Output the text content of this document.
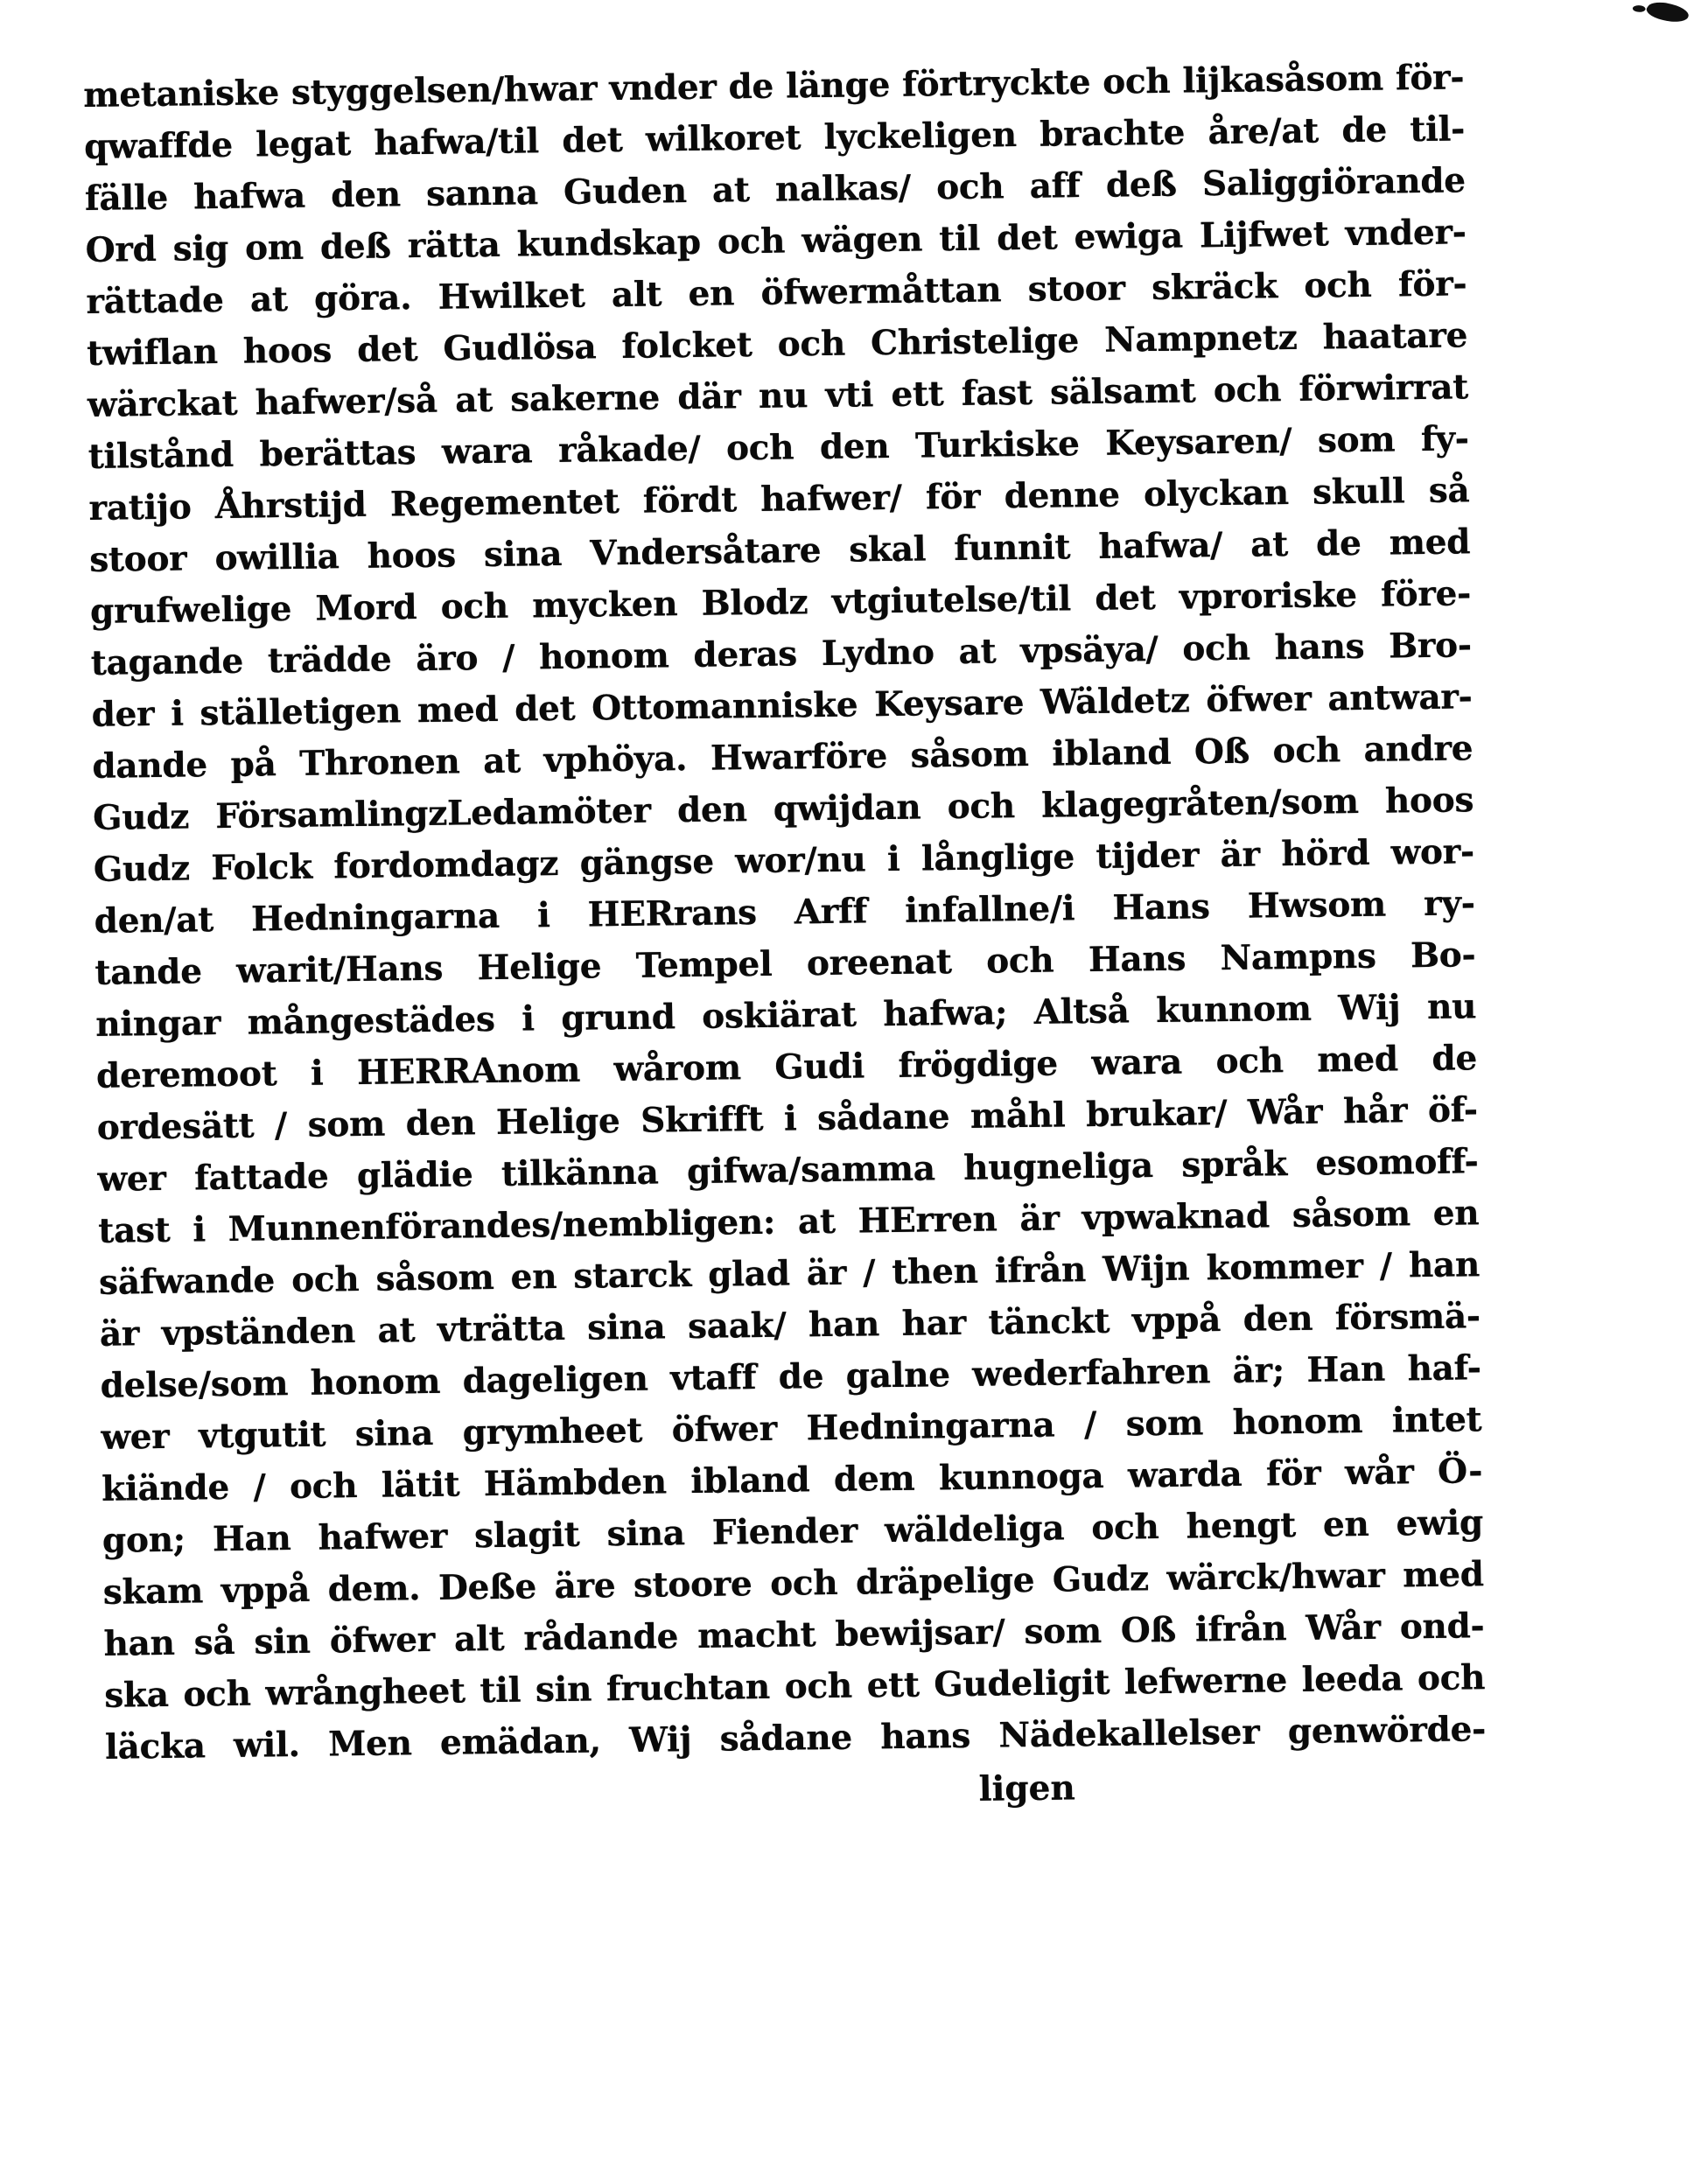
metaniske styggelsen/hwar vnder de länge förtryckte och lijkasåsom för-

qwaffde legat hafwa/til det wilkoret lyckeligen brachte åre/at de til-

fälle hafwa den sanna Guden at nalkas/ och aff deß Saliggiörande

Ord sig om deß rätta kundskap och wägen til det ewiga Lijfwet vnder-

rättade at göra. Hwilket alt en öfwermåttan stoor skräck och för-

twiflan hoos det Gudlösa folcket och Christelige Nampnetz haatare

wärckat hafwer/så at sakerne där nu vti ett fast sälsamt och förwirrat

tilstånd berättas wara råkade/ och den Turkiske Keysaren/ som fy-

ratijo Åhrstijd Regementet fördt hafwer/ för denne olyckan skull så

stoor owillia hoos sina Vndersåtare skal funnit hafwa/ at de med

grufwelige Mord och mycken Blodz vtgiutelse/til det vproriske före-

tagande trädde äro / honom deras Lydno at vpsäya/ och hans Bro-

der i ställetigen med det Ottomanniske Keysare Wäldetz öfwer antwar-

dande på Thronen at vphöya. Hwarföre såsom ibland Oß och andre

Gudz FörsamlingzLedamöter den qwijdan och klagegråten/som hoos

Gudz Folck fordomdagz gängse wor/nu i långlige tijder är hörd wor-

den/at Hedningarna i HERrans Arff infallne/i Hans Hwsom ry-

tande warit/Hans Helige Tempel oreenat och Hans Nampns Bo-

ningar mångestädes i grund oskiärat hafwa; Altså kunnom Wij nu

deremoot i HERRAnom wårom Gudi frögdige wara och med de

ordesätt / som den Helige Skrifft i sådane måhl brukar/ Wår hår öf-

wer fattade glädie tilkänna gifwa/samma hugneliga språk esomoff-

tast i Munnenförandes/nembligen: at HErren är vpwaknad såsom en

säfwande och såsom en starck glad är / then ifrån Wijn kommer / han

är vpständen at vträtta sina saak/ han har tänckt vppå den försmä-

delse/som honom dageligen vtaff de galne wederfahren är; Han haf-

wer vtgutit sina grymheet öfwer Hedningarna / som honom intet

kiände / och lätit Hämbden ibland dem kunnoga warda för wår Ö-

gon; Han hafwer slagit sina Fiender wäldeliga och hengt en ewig

skam vppå dem. Deße äre stoore och dräpelige Gudz wärck/hwar med

han så sin öfwer alt rådande macht bewijsar/ som Oß ifrån Wår ond-

ska och wrångheet til sin fruchtan och ett Gudeligit lefwerne leeda och

läcka wil. Men emädan, Wij sådane hans Nädekallelser genwörde-

ligen
